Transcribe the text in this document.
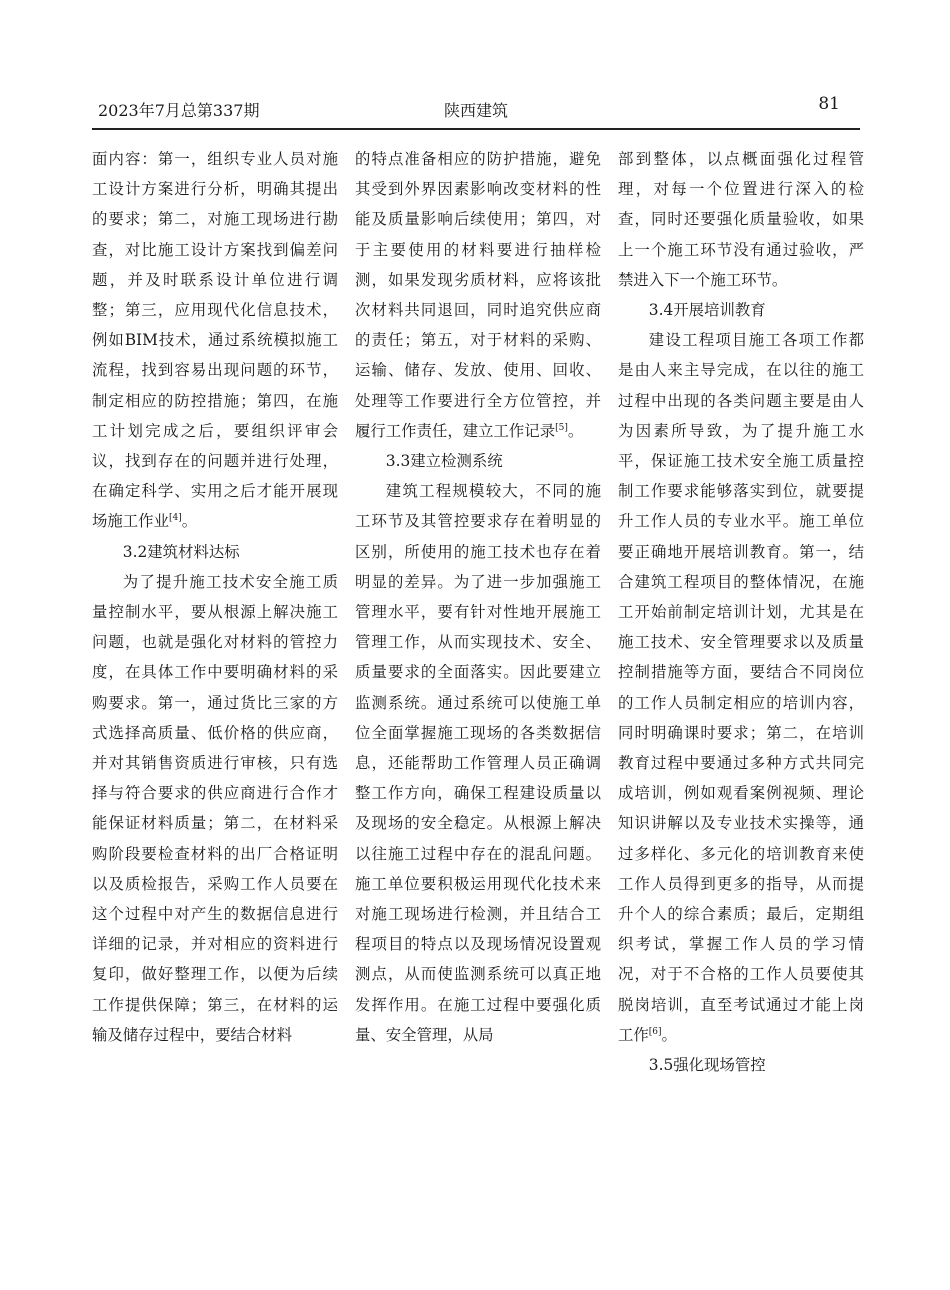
2023年7月总第337期	陕西建筑	81

面内容：第一，组织专业人员对施工设计方案进行分析，明确其提出的要求；第二，对施工现场进行勘查，对比施工设计方案找到偏差问题，并及时联系设计单位进行调整；第三，应用现代化信息技术，例如BIM技术，通过系统模拟施工流程，找到容易出现问题的环节，制定相应的防控措施；第四，在施工计划完成之后，要组织评审会议，找到存在的问题并进行处理，在确定科学、实用之后才能开展现场施工作业[4]。

3.2建筑材料达标

为了提升施工技术安全施工质量控制水平，要从根源上解决施工问题，也就是强化对材料的管控力度，在具体工作中要明确材料的采购要求。第一，通过货比三家的方式选择高质量、低价格的供应商，并对其销售资质进行审核，只有选择与符合要求的供应商进行合作才能保证材料质量；第二，在材料采购阶段要检查材料的出厂合格证明以及质检报告，采购工作人员要在这个过程中对产生的数据信息进行详细的记录，并对相应的资料进行复印，做好整理工作，以便为后续工作提供保障；第三，在材料的运输及储存过程中，要结合材料

的特点准备相应的防护措施，避免其受到外界因素影响改变材料的性能及质量影响后续使用；第四，对于主要使用的材料要进行抽样检测，如果发现劣质材料，应将该批次材料共同退回，同时追究供应商的责任；第五，对于材料的采购、运输、储存、发放、使用、回收、处理等工作要进行全方位管控，并履行工作责任，建立工作记录[5]。

3.3建立检测系统

建筑工程规模较大，不同的施工环节及其管控要求存在着明显的区别，所使用的施工技术也存在着明显的差异。为了进一步加强施工管理水平，要有针对性地开展施工管理工作，从而实现技术、安全、质量要求的全面落实。因此要建立监测系统。通过系统可以使施工单位全面掌握施工现场的各类数据信息，还能帮助工作管理人员正确调整工作方向，确保工程建设质量以及现场的安全稳定。从根源上解决以往施工过程中存在的混乱问题。施工单位要积极运用现代化技术来对施工现场进行检测，并且结合工程项目的特点以及现场情况设置观测点，从而使监测系统可以真正地发挥作用。在施工过程中要强化质量、安全管理，从局

部到整体，以点概面强化过程管理，对每一个位置进行深入的检查，同时还要强化质量验收，如果上一个施工环节没有通过验收，严禁进入下一个施工环节。

3.4开展培训教育

建设工程项目施工各项工作都是由人来主导完成，在以往的施工过程中出现的各类问题主要是由人为因素所导致，为了提升施工水平，保证施工技术安全施工质量控制工作要求能够落实到位，就要提升工作人员的专业水平。施工单位要正确地开展培训教育。第一，结合建筑工程项目的整体情况，在施工开始前制定培训计划，尤其是在施工技术、安全管理要求以及质量控制措施等方面，要结合不同岗位的工作人员制定相应的培训内容，同时明确课时要求；第二，在培训教育过程中要通过多种方式共同完成培训，例如观看案例视频、理论知识讲解以及专业技术实操等，通过多样化、多元化的培训教育来使工作人员得到更多的指导，从而提升个人的综合素质；最后，定期组织考试，掌握工作人员的学习情况，对于不合格的工作人员要使其脱岗培训，直至考试通过才能上岗工作[6]。

3.5强化现场管控
